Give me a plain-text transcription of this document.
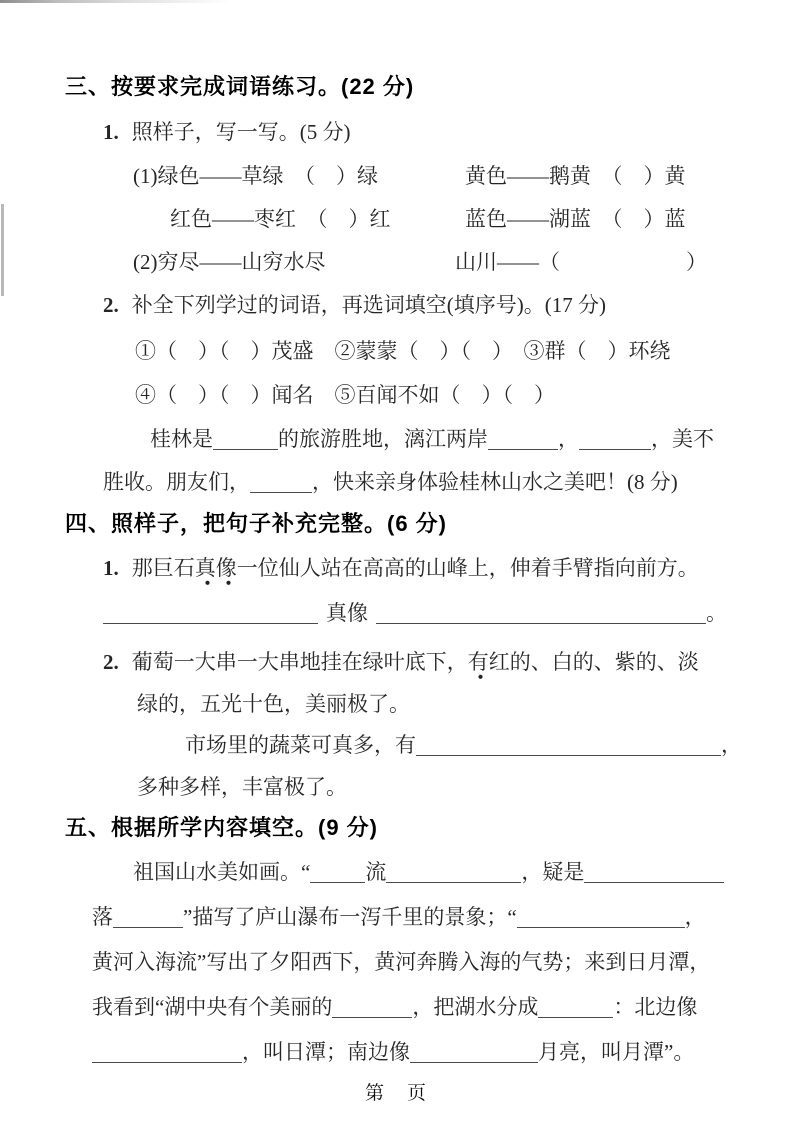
三、按要求完成词语练习。(22 分)
1. 照样子，写一写。(5 分)
(1)绿色——草绿　（　）绿	黄色——鹅黄　（　）黄
红色——枣红　（　）红	蓝色——湖蓝　（　）蓝
(2)穷尽——山穷水尽	山川——（　　　　　　）
2. 补全下列学过的词语，再选词填空(填序号)。(17 分)
①（　）（　）茂盛　②蒙蒙（　）（　）　③群（　）环绕
④（　）（　）闻名　⑤百闻不如（　）（　）
桂林是	的旅游胜地，漓江两岸	，	，美不
胜收。朋友们，	，快来亲身体验桂林山水之美吧！(8 分)
四、照样子，把句子补充完整。(6 分)
1. 那巨石真像一位仙人站在高高的山峰上，伸着手臂指向前方。
真像	。
2. 葡萄一大串一大串地挂在绿叶底下，有红的、白的、紫的、淡
绿的，五光十色，美丽极了。
市场里的蔬菜可真多，有	，
多种多样，丰富极了。
五、根据所学内容填空。(9 分)
祖国山水美如画。“	流	，疑是
落	”描写了庐山瀑布一泻千里的景象；“	，
黄河入海流”写出了夕阳西下，黄河奔腾入海的气势；来到日月潭，
我看到“湖中央有个美丽的	，把湖水分成	：北边像
，叫日潭；南边像	月亮，叫月潭”。
第　页
